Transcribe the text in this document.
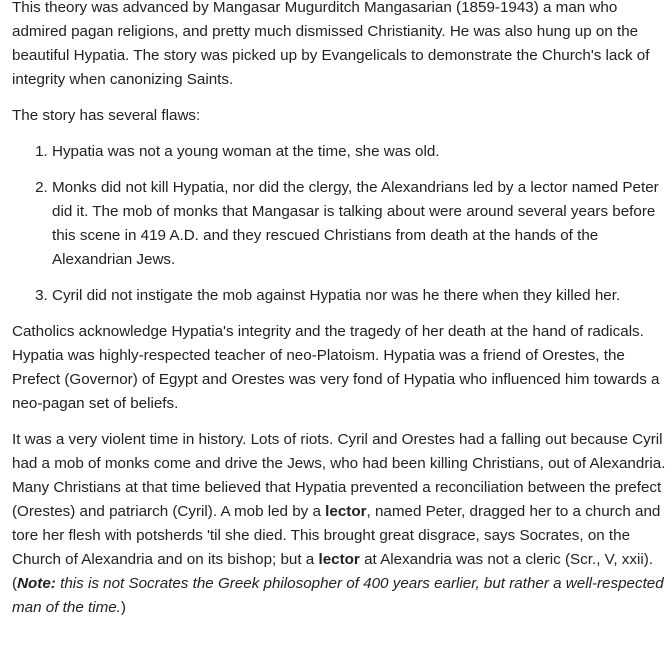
This theory was advanced by Mangasar Mugurditch Mangasarian (1859-1943) a man who admired pagan religions, and pretty much dismissed Christianity. He was also hung up on the beautiful Hypatia. The story was picked up by Evangelicals to demonstrate the Church's lack of integrity when canonizing Saints.

The story has several flaws:

1. Hypatia was not a young woman at the time, she was old.
2. Monks did not kill Hypatia, nor did the clergy, the Alexandrians led by a lector named Peter did it. The mob of monks that Mangasar is talking about were around several years before this scene in 419 A.D. and they rescued Christians from death at the hands of the Alexandrian Jews.
3. Cyril did not instigate the mob against Hypatia nor was he there when they killed her.

Catholics acknowledge Hypatia's integrity and the tragedy of her death at the hand of radicals. Hypatia was highly-respected teacher of neo-Platoism. Hypatia was a friend of Orestes, the Prefect (Governor) of Egypt and Orestes was very fond of Hypatia who influenced him towards a neo-pagan set of beliefs.

It was a very violent time in history. Lots of riots. Cyril and Orestes had a falling out because Cyril had a mob of monks come and drive the Jews, who had been killing Christians, out of Alexandria. Many Christians at that time believed that Hypatia prevented a reconciliation between the prefect (Orestes) and patriarch (Cyril). A mob led by a lector, named Peter, dragged her to a church and tore her flesh with potsherds 'til she died. This brought great disgrace, says Socrates, on the Church of Alexandria and on its bishop; but a lector at Alexandria was not a cleric (Scr., V, xxii). (Note: this is not Socrates the Greek philosopher of 400 years earlier, but rather a well-respected man of the time.)
